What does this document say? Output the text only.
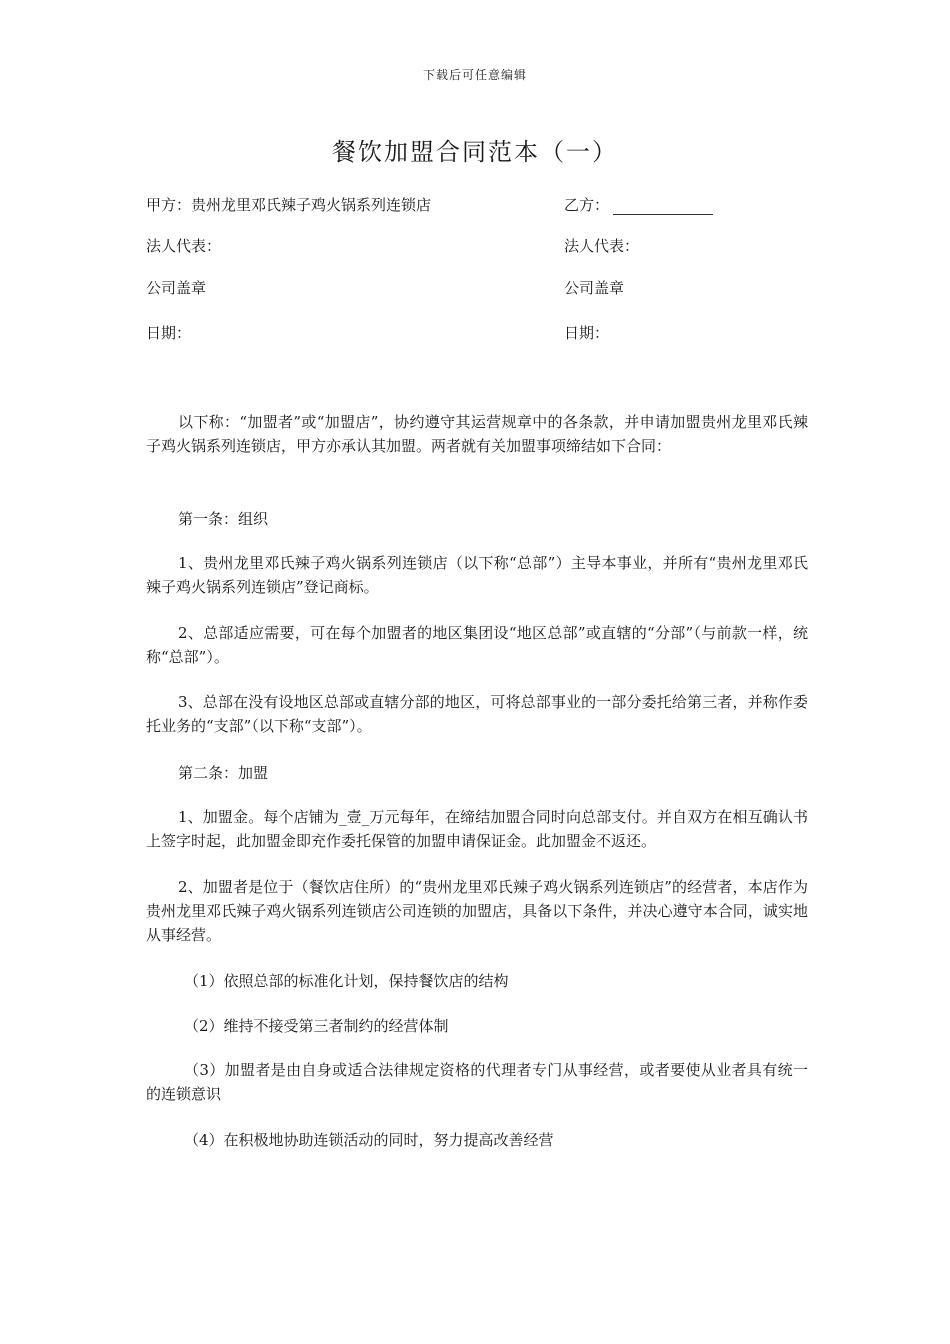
下载后可任意编辑
餐饮加盟合同范本（一）
甲方：贵州龙里邓氏辣子鸡火锅系列连锁店	乙方：
法人代表：	法人代表：
公司盖章	公司盖章
日期：	日期：

以下称：“加盟者”或“加盟店”，协约遵守其运营规章中的各条款，并申请加盟贵州龙里邓氏辣子鸡火锅系列连锁店，甲方亦承认其加盟。两者就有关加盟事项缔结如下合同：

第一条：组织

1、贵州龙里邓氏辣子鸡火锅系列连锁店（以下称“总部”）主导本事业，并所有“贵州龙里邓氏辣子鸡火锅系列连锁店”登记商标。

2、总部适应需要，可在每个加盟者的地区集团设“地区总部”或直辖的“分部”（与前款一样，统称“总部”）。

3、总部在没有设地区总部或直辖分部的地区，可将总部事业的一部分委托给第三者，并称作委托业务的“支部”（以下称“支部”）。

第二条：加盟

1、加盟金。每个店铺为_壹_万元每年，在缔结加盟合同时向总部支付。并自双方在相互确认书上签字时起，此加盟金即充作委托保管的加盟申请保证金。此加盟金不返还。

2、加盟者是位于（餐饮店住所）的“贵州龙里邓氏辣子鸡火锅系列连锁店”的经营者，本店作为贵州龙里邓氏辣子鸡火锅系列连锁店公司连锁的加盟店，具备以下条件，并决心遵守本合同，诚实地从事经营。

（1）依照总部的标准化计划，保持餐饮店的结构

（2）维持不接受第三者制约的经营体制

（3）加盟者是由自身或适合法律规定资格的代理者专门从事经营，或者要使从业者具有统一的连锁意识

（4）在积极地协助连锁活动的同时，努力提高改善经营
